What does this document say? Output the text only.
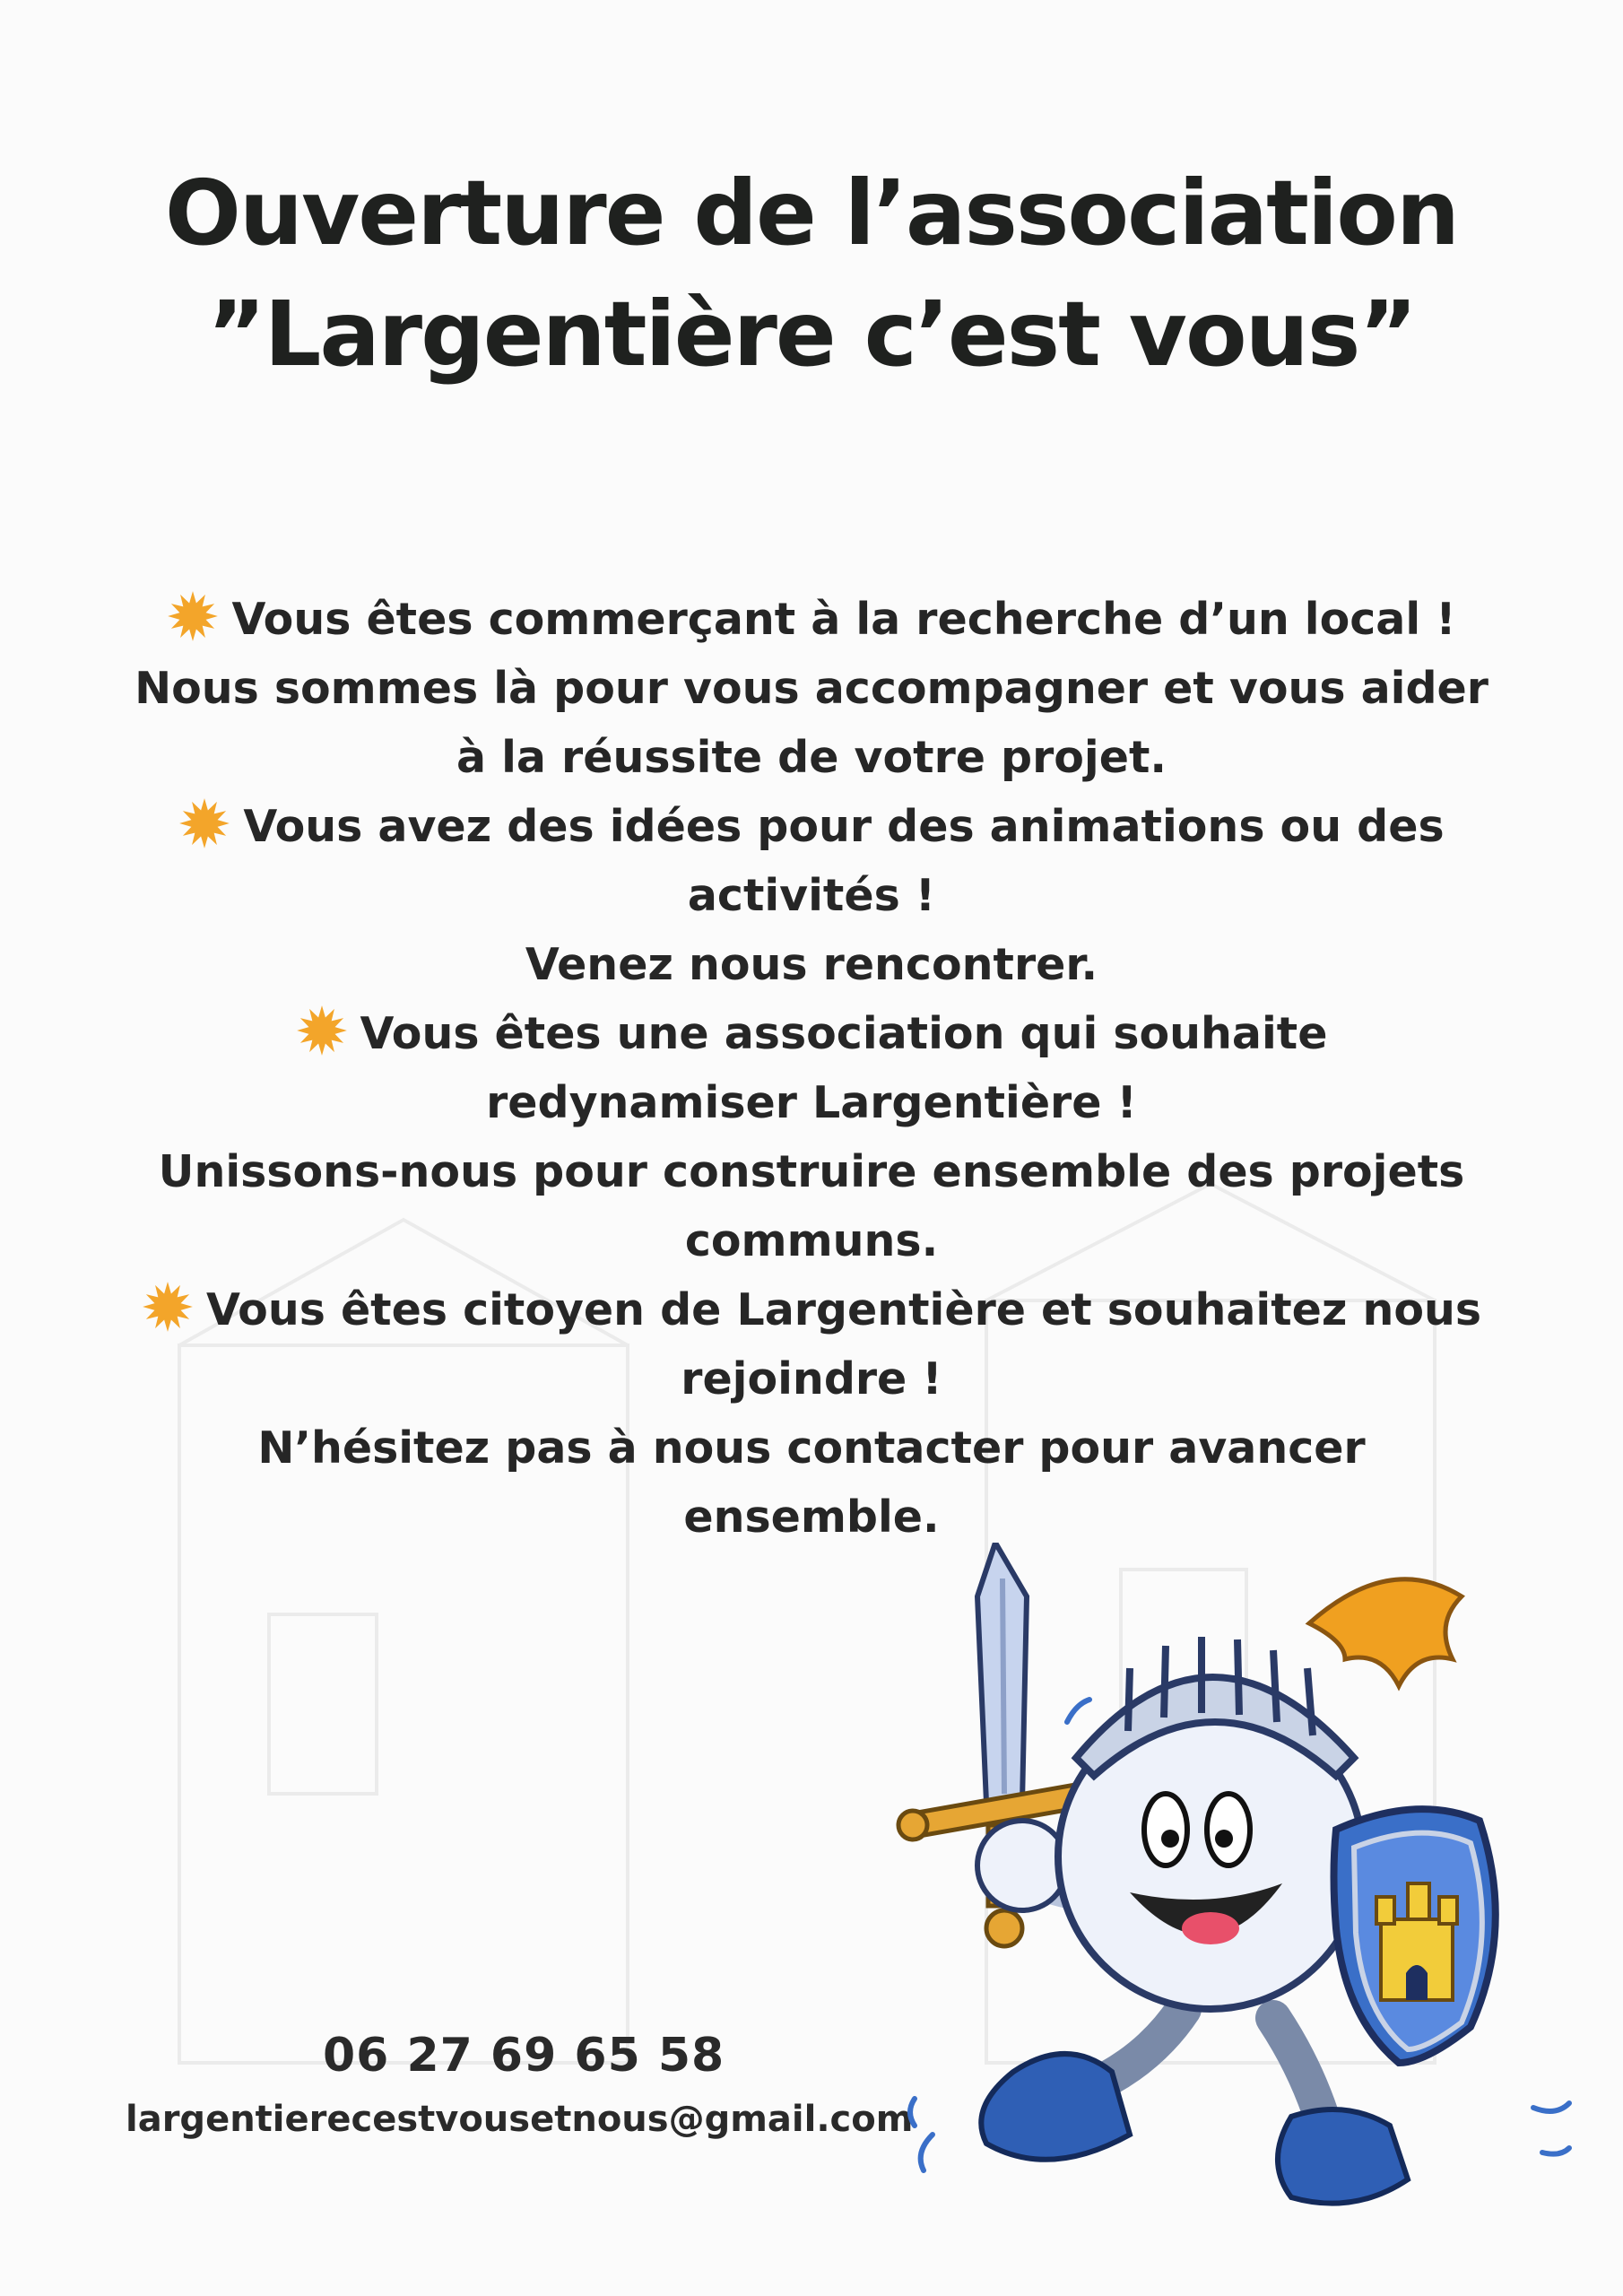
Ouverture de l’association
”Largentière c’est vous”
Vous êtes commerçant à la recherche d’un local !
Nous sommes là pour vous accompagner et vous aider
à la réussite de votre projet.
Vous avez des idées pour des animations ou des
activités !
Venez nous rencontrer.
Vous êtes une association qui souhaite
redynamiser Largentière !
Unissons-nous pour construire ensemble des projets
communs.
Vous êtes citoyen de Largentière et souhaitez nous
rejoindre !
N’hésitez pas à nous contacter pour avancer
ensemble.
06 27 69 65 58
largentierecestvousetnous@gmail.com
